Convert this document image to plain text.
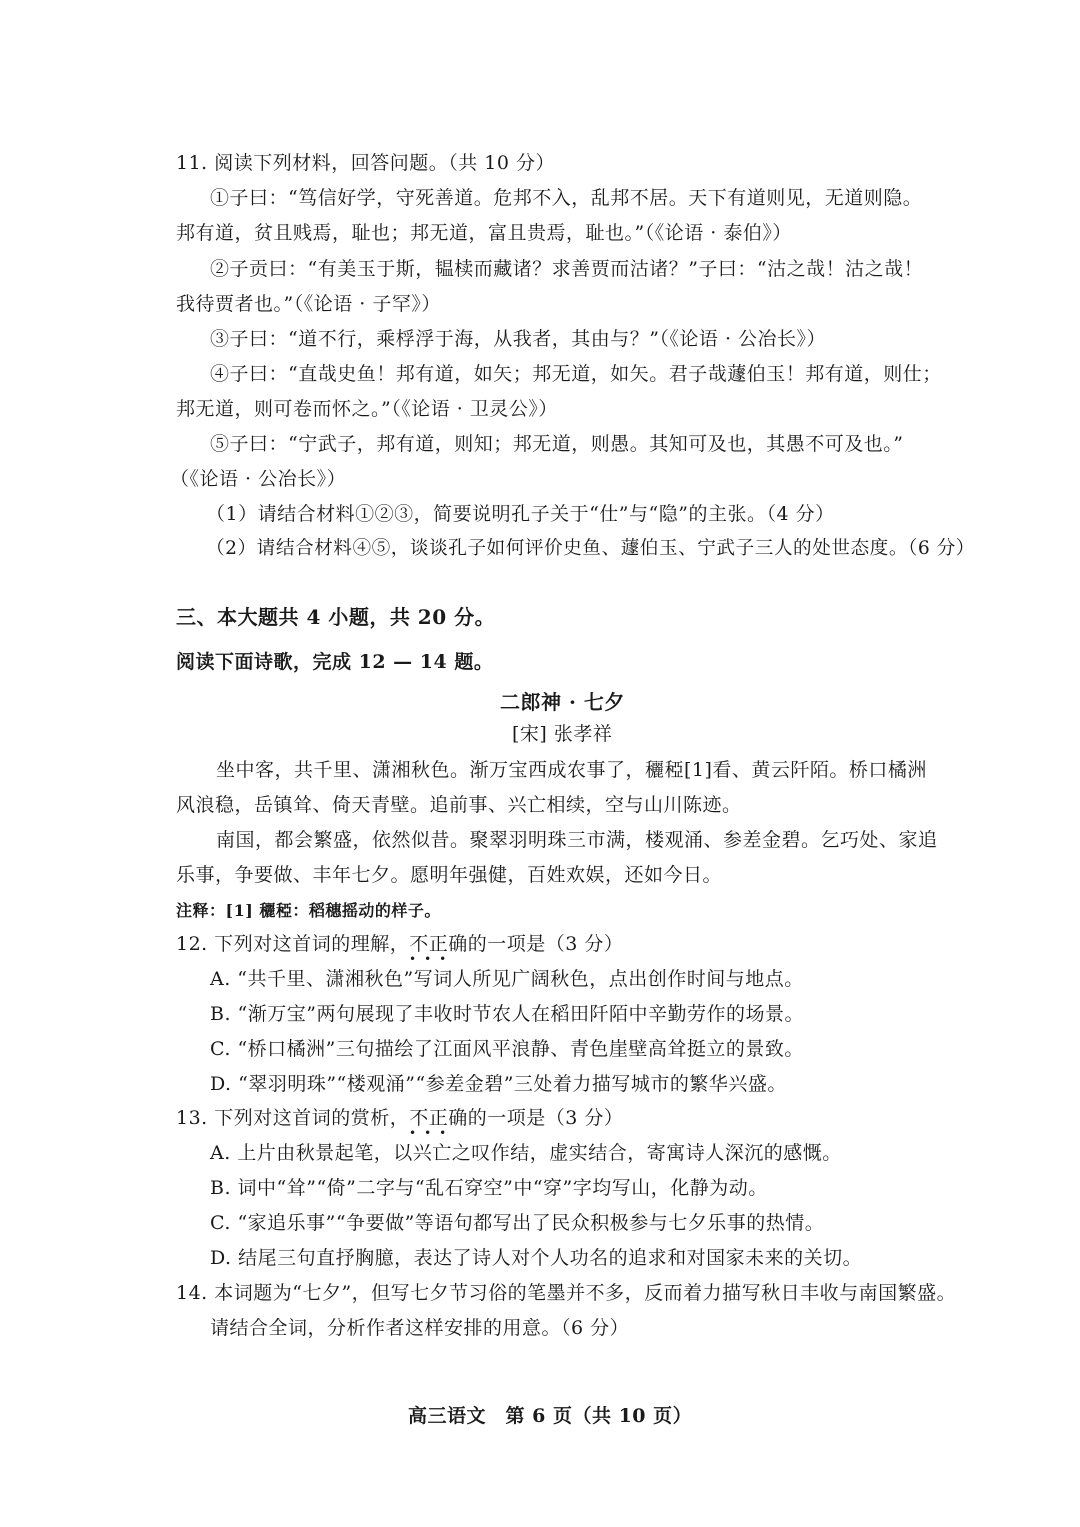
11. 阅读下列材料，回答问题。（共 10 分）
①子曰：“笃信好学，守死善道。危邦不入，乱邦不居。天下有道则见，无道则隐。
邦有道，贫且贱焉，耻也；邦无道，富且贵焉，耻也。”（《论语 · 泰伯》）
②子贡曰：“有美玉于斯，韫椟而藏诸？求善贾而沽诸？”子曰：“沽之哉！沽之哉！
我待贾者也。”（《论语 · 子罕》）
③子曰：“道不行，乘桴浮于海，从我者，其由与？”（《论语 · 公冶长》）
④子曰：“直哉史鱼！邦有道，如矢；邦无道，如矢。君子哉蘧伯玉！邦有道，则仕；
邦无道，则可卷而怀之。”（《论语 · 卫灵公》）
⑤子曰：“宁武子，邦有道，则知；邦无道，则愚。其知可及也，其愚不可及也。”
（《论语 · 公冶长》）
（1）请结合材料①②③，简要说明孔子关于“仕”与“隐”的主张。（4 分）
（2）请结合材料④⑤，谈谈孔子如何评价史鱼、蘧伯玉、宁武子三人的处世态度。（6 分）
三、本大题共 4 小题，共 20 分。
阅读下面诗歌，完成 12 — 14 题。
二郎神 · 七夕
[宋] 张孝祥
坐中客，共千里、潇湘秋色。渐万宝西成农事了，穲稏[1]看、黄云阡陌。桥口橘洲
风浪稳，岳镇耸、倚天青壁。追前事、兴亡相续，空与山川陈迹。
南国，都会繁盛，依然似昔。聚翠羽明珠三市满，楼观涌、参差金碧。乞巧处、家追
乐事，争要做、丰年七夕。愿明年强健，百姓欢娱，还如今日。
注释：[1] 穲稏：稻穗摇动的样子。
12. 下列对这首词的理解，不正确的一项是（3 分）
•••
A. “共千里、潇湘秋色”写词人所见广阔秋色，点出创作时间与地点。
B. “渐万宝”两句展现了丰收时节农人在稻田阡陌中辛勤劳作的场景。
C. “桥口橘洲”三句描绘了江面风平浪静、青色崖壁高耸挺立的景致。
D. “翠羽明珠”“楼观涌”“参差金碧”三处着力描写城市的繁华兴盛。
13. 下列对这首词的赏析，不正确的一项是（3 分）
•••
A. 上片由秋景起笔，以兴亡之叹作结，虚实结合，寄寓诗人深沉的感慨。
B. 词中“耸”“倚”二字与“乱石穿空”中“穿”字均写山，化静为动。
C. “家追乐事”“争要做”等语句都写出了民众积极参与七夕乐事的热情。
D. 结尾三句直抒胸臆，表达了诗人对个人功名的追求和对国家未来的关切。
14. 本词题为“七夕”，但写七夕节习俗的笔墨并不多，反而着力描写秋日丰收与南国繁盛。
请结合全词，分析作者这样安排的用意。（6 分）
高三语文　第 6 页（共 10 页）
